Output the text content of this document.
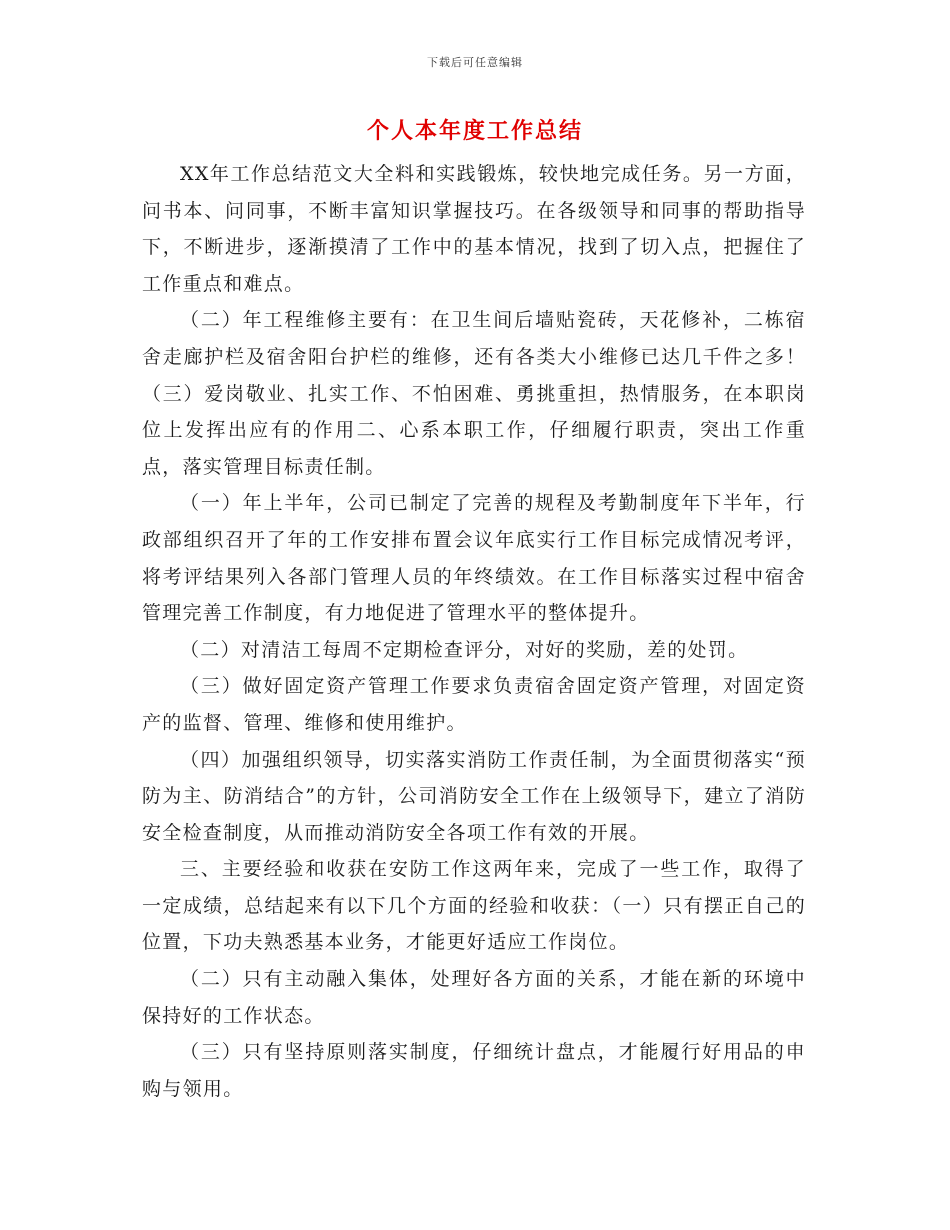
下载后可任意编辑
个人本年度工作总结

XX年工作总结范文大全料和实践锻炼，较快地完成任务。另一方面，问书本、问同事，不断丰富知识掌握技巧。在各级领导和同事的帮助指导下，不断进步，逐渐摸清了工作中的基本情况，找到了切入点，把握住了工作重点和难点。

（二）年工程维修主要有：在卫生间后墙贴瓷砖，天花修补，二栋宿舍走廊护栏及宿舍阳台护栏的维修，还有各类大小维修已达几千件之多！（三）爱岗敬业、扎实工作、不怕困难、勇挑重担，热情服务，在本职岗位上发挥出应有的作用二、心系本职工作，仔细履行职责，突出工作重点，落实管理目标责任制。

（一）年上半年，公司已制定了完善的规程及考勤制度年下半年，行政部组织召开了年的工作安排布置会议年底实行工作目标完成情况考评，将考评结果列入各部门管理人员的年终绩效。在工作目标落实过程中宿舍管理完善工作制度，有力地促进了管理水平的整体提升。

（二）对清洁工每周不定期检查评分，对好的奖励，差的处罚。

（三）做好固定资产管理工作要求负责宿舍固定资产管理，对固定资产的监督、管理、维修和使用维护。

（四）加强组织领导，切实落实消防工作责任制，为全面贯彻落实“预防为主、防消结合”的方针，公司消防安全工作在上级领导下，建立了消防安全检查制度，从而推动消防安全各项工作有效的开展。

三、主要经验和收获在安防工作这两年来，完成了一些工作，取得了一定成绩，总结起来有以下几个方面的经验和收获：（一）只有摆正自己的位置，下功夫熟悉基本业务，才能更好适应工作岗位。

（二）只有主动融入集体，处理好各方面的关系，才能在新的环境中保持好的工作状态。

（三）只有坚持原则落实制度，仔细统计盘点，才能履行好用品的申购与领用。
